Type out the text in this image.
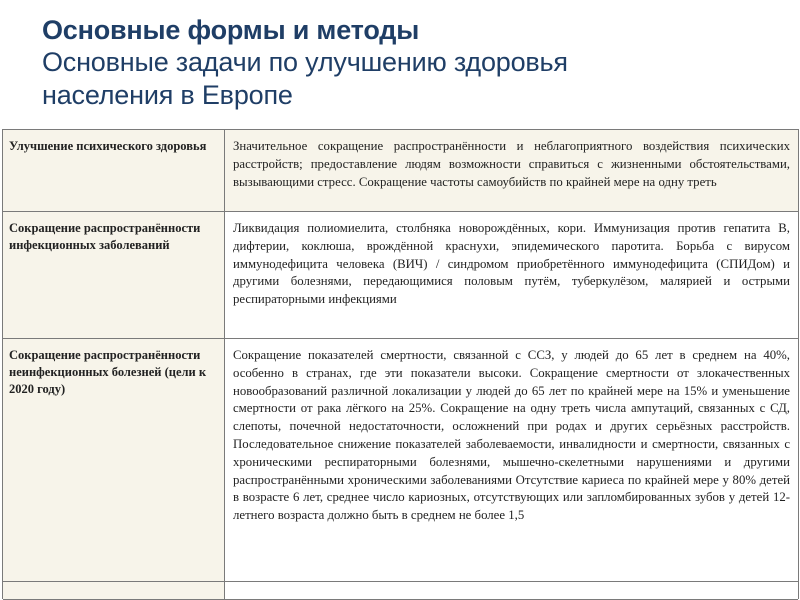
Основные формы и методы
Основные задачи по улучшению здоровья
населения в Европе
Улучшение психического здоровья	Значительное сокращение распространённости и неблагоприятного воздействия психических расстройств; предоставление людям возможности справиться с жизненными обстоятельствами, вызывающими стресс. Сокращение частоты самоубийств по крайней мере на одну треть
Сокращение распространённости инфекционных заболеваний
Ликвидация полиомиелита, столбняка новорождённых, кори. Иммунизация против гепатита В, дифтерии, коклюша, врождённой краснухи, эпидемического паротита. Борьба с вирусом иммунодефицита человека (ВИЧ) / синдромом приобретённого иммунодефицита (СПИДом) и другими болезнями, передающимися половым путём, туберкулёзом, малярией и острыми респираторными инфекциями
Сокращение распространённости неинфекционных болезней (цели к 2020 году)
Сокращение показателей смертности, связанной с ССЗ, у людей до 65 лет в среднем на 40%, особенно в странах, где эти показатели высоки. Сокращение смертности от злокачественных новообразований различной локализации у людей до 65 лет по крайней мере на 15% и уменьшение смертности от рака лёгкого на 25%. Сокращение на одну треть числа ампутаций, связанных с СД, слепоты, почечной недостаточности, осложнений при родах и других серьёзных расстройств. Последовательное снижение показателей заболеваемости, инвалидности и смертности, связанных с хроническими респираторными болезнями, мышечно-скелетными нарушениями и другими распространёнными хроническими заболеваниями Отсутствие кариеса по крайней мере у 80% детей в возрасте 6 лет, среднее число кариозных, отсутствующих или запломбированных зубов у детей 12-летнего возраста должно быть в среднем не более 1,5
